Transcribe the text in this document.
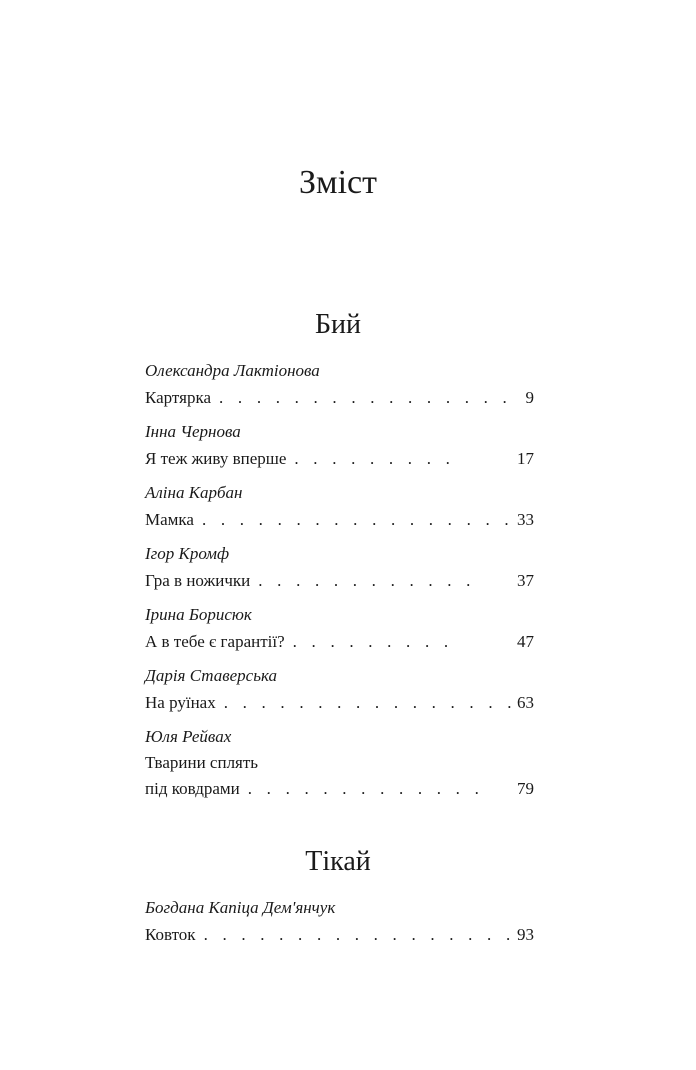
Зміст
Бий
Олександра Лактіонова
Картярка . . . . . . . . . . . . . . . . 9
Інна Чернова
Я теж живу вперше . . . . . . . . .	17
Аліна Карбан
Мамка . . . . . . . . . . . . . . . . . 33
Ігор Кромф
Гра в ножички . . . . . . . . . . . . 37
Ірина Борисюк
А в тебе є гарантії? . . . . . . . . .	47
Дарія Ставерська
На руїнах . . . . . . . . . . . . . . . . 63
Юля Рейвах
Тварини сплять
під ковдрами . . . . . . . . . . . . . 79
Тікай
Богдана Капіца Дем'янчук
Ковток . . . . . . . . . . . . . . . . . 93
